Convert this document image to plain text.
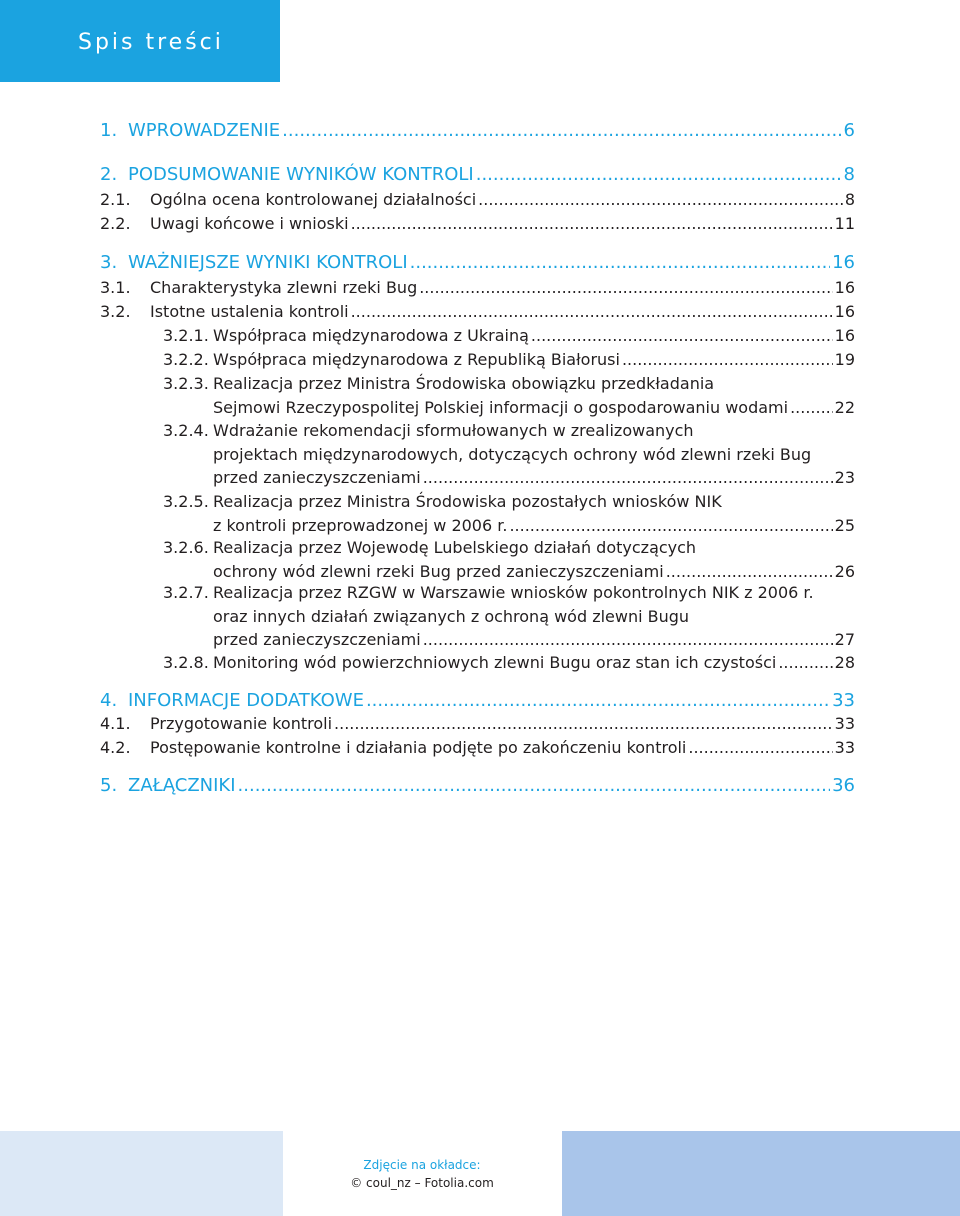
Spis treści
1. WPROWADZENIE .....	6
2. PODSUMOWANIE WYNIKÓW KONTROLI .....	8
2.1.	Ogólna ocena kontrolowanej działalności .....	8
2.2.	Uwagi końcowe i wnioski .....	11
3. WAŻNIEJSZE WYNIKI KONTROLI .....	16
3.1.	Charakterystyka zlewni rzeki Bug .....	16
3.2.	Istotne ustalenia kontroli .....	16
3.2.1. Współpraca międzynarodowa z Ukrainą .....	16
3.2.2. Współpraca międzynarodowa z Republiką Białorusi .....	19
3.2.3. Realizacja przez Ministra Środowiska obowiązku przedkładania
Sejmowi Rzeczypospolitej Polskiej informacji o gospodarowaniu wodami .....	22
3.2.4. Wdrażanie rekomendacji sformułowanych w zrealizowanych
projektach międzynarodowych, dotyczących ochrony wód zlewni rzeki Bug
przed zanieczyszczeniami .....	23
3.2.5. Realizacja przez Ministra Środowiska pozostałych wniosków NIK
z kontroli przeprowadzonej w 2006 r. .....	25
3.2.6. Realizacja przez Wojewodę Lubelskiego działań dotyczących
ochrony wód zlewni rzeki Bug przed zanieczyszczeniami .....	26
3.2.7. Realizacja przez RZGW w Warszawie wniosków pokontrolnych NIK z 2006 r.
oraz innych działań związanych z ochroną wód zlewni Bugu
przed zanieczyszczeniami .....	27
3.2.8. Monitoring wód powierzchniowych zlewni Bugu oraz stan ich czystości .....	28
4. INFORMACJE DODATKOWE .....	33
4.1.	Przygotowanie kontroli .....	33
4.2.	Postępowanie kontrolne i działania podjęte po zakończeniu kontroli .....	33
5. ZAŁĄCZNIKI .....	36
Zdjęcie na okładce:
© coul_nz – Fotolia.com
